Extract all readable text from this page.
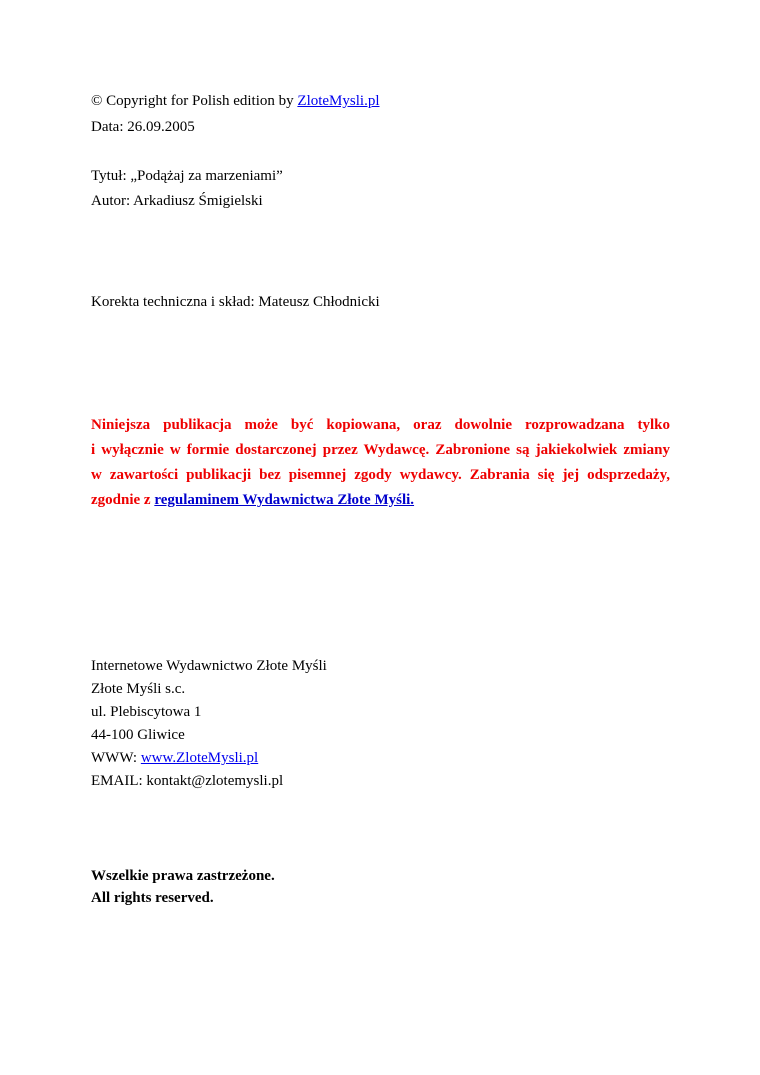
© Copyright for Polish edition by ZloteMysli.pl
Data: 26.09.2005
Tytuł: „Podążaj za marzeniami”
Autor: Arkadiusz Śmigielski
Korekta techniczna i skład: Mateusz Chłodnicki
Niniejsza publikacja może być kopiowana, oraz dowolnie rozprowadzana tylko
i wyłącznie w formie dostarczonej przez Wydawcę. Zabronione są jakiekolwiek zmiany
w zawartości publikacji bez pisemnej zgody wydawcy. Zabrania się jej odsprzedaży,
zgodnie z regulaminem Wydawnictwa Złote Myśli.
Internetowe Wydawnictwo Złote Myśli
Złote Myśli s.c.
ul. Plebiscytowa 1
44-100 Gliwice
WWW: www.ZloteMysli.pl
EMAIL: kontakt@zlotemysli.pl
Wszelkie prawa zastrzeżone.
All rights reserved.
